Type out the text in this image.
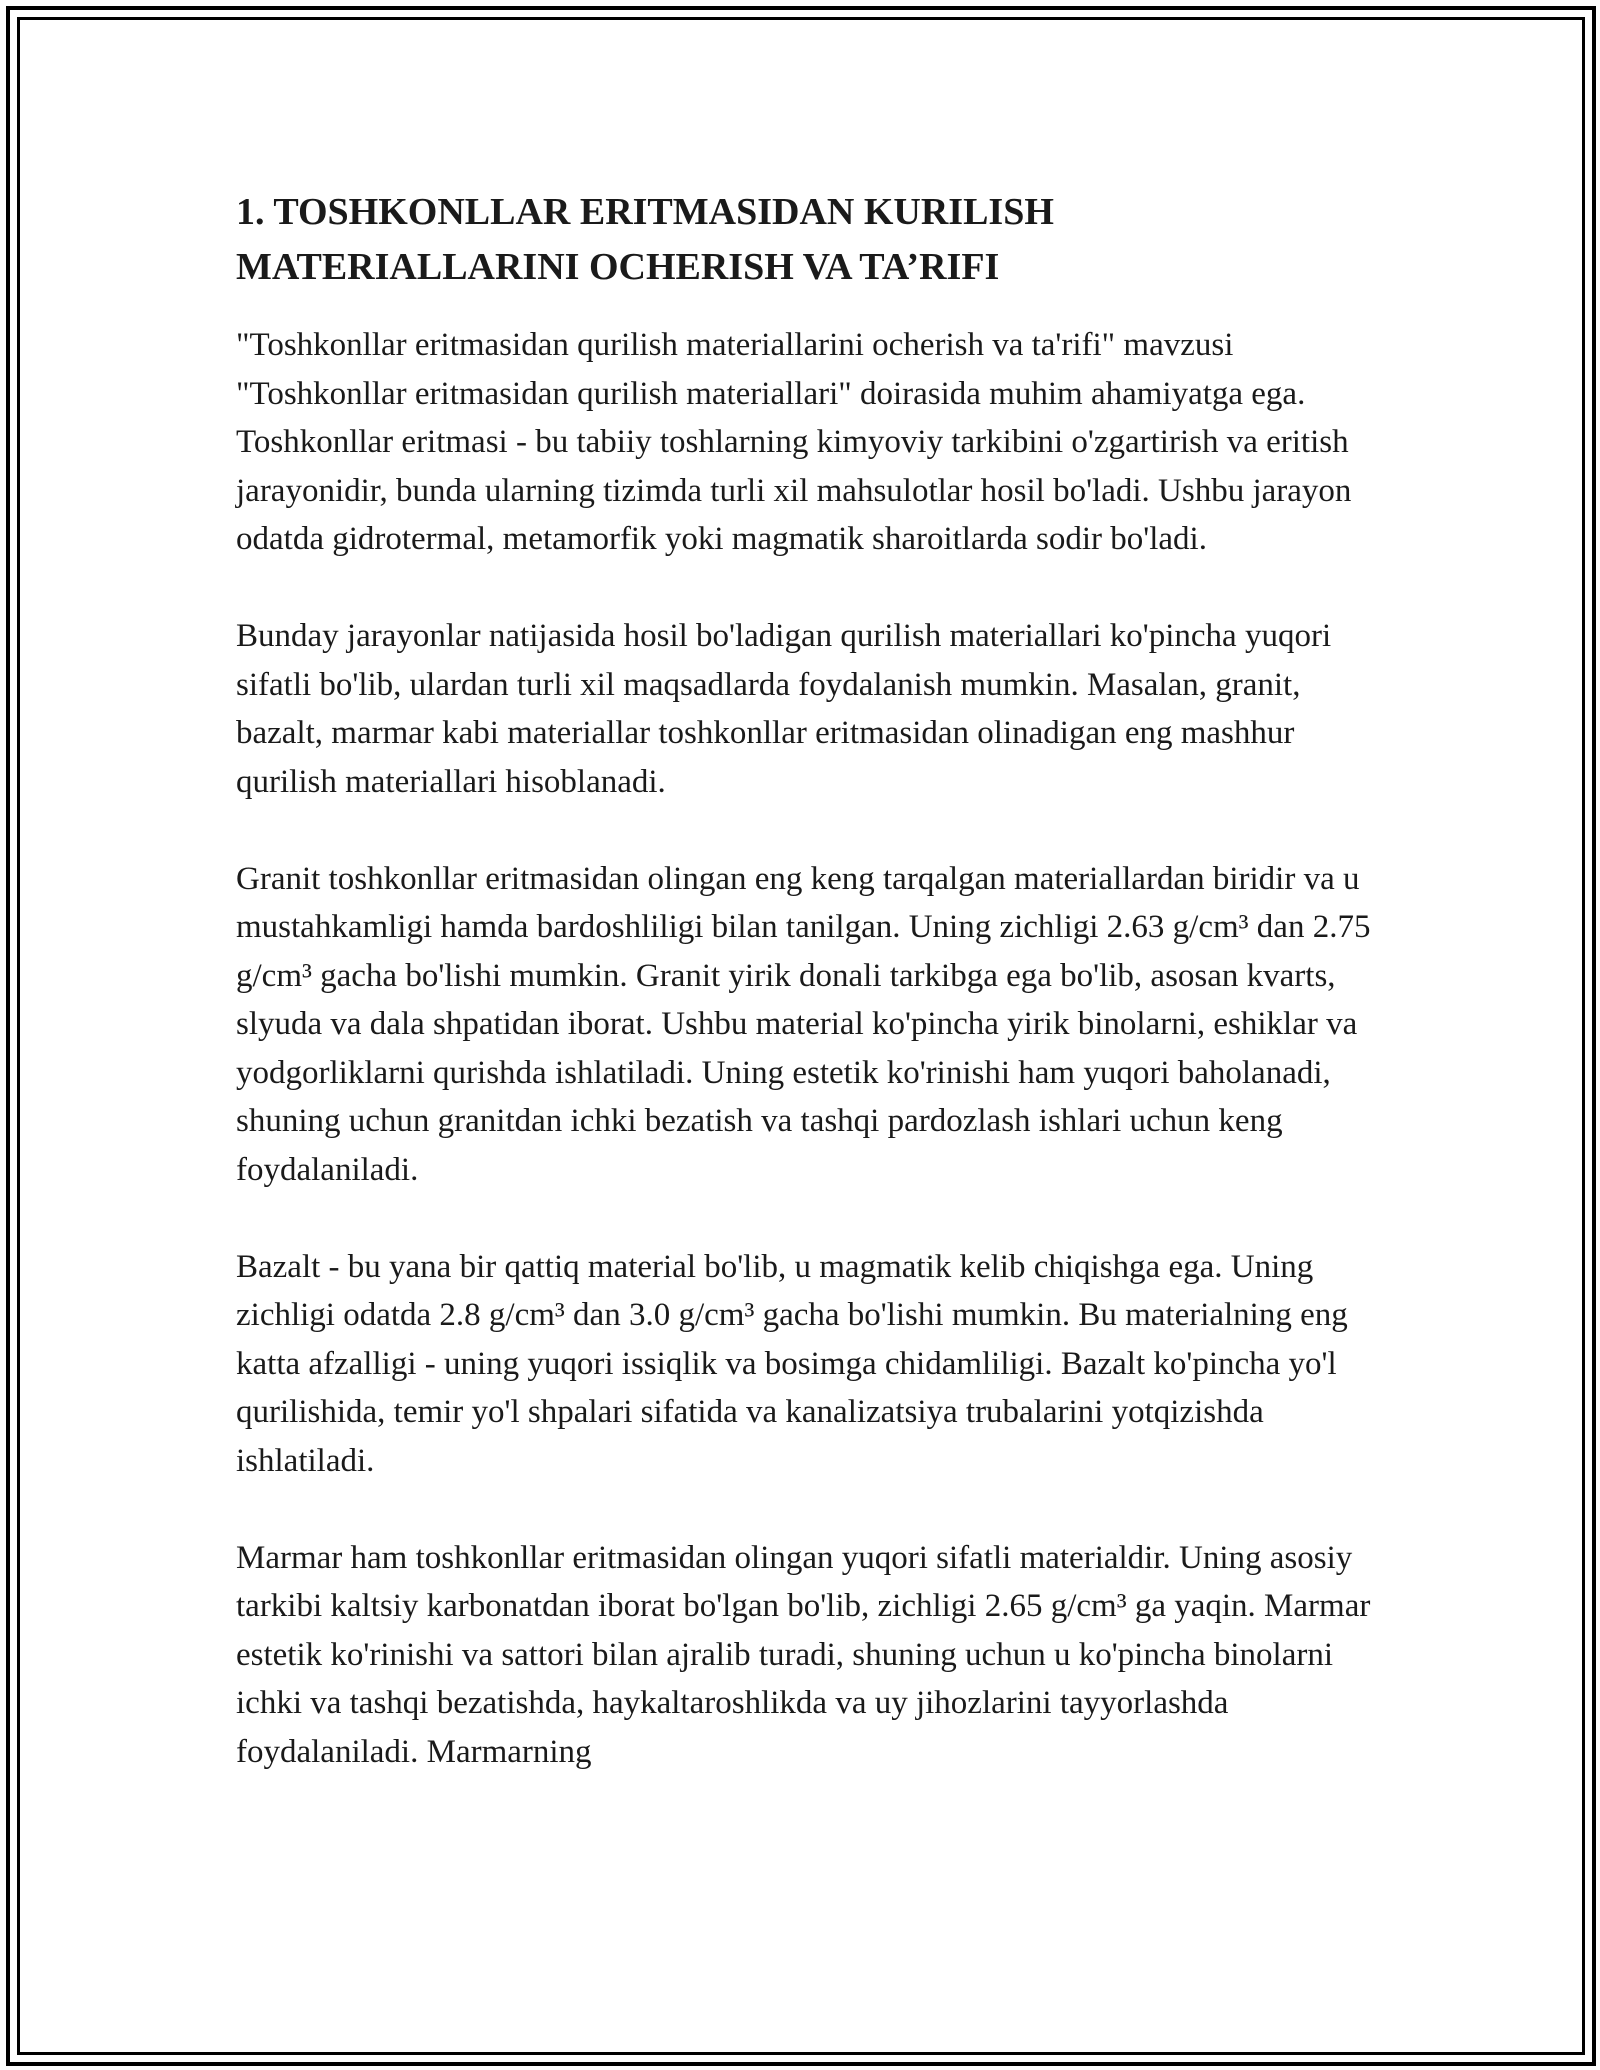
1. TOSHKONLLAR ERITMASIDAN KURILISH
MATERIALLARINI OCHERISH VA TA’RIFI

"Toshkonllar eritmasidan qurilish materiallarini ocherish va ta'rifi" mavzusi "Toshkonllar eritmasidan qurilish materiallari" doirasida muhim ahamiyatga ega. Toshkonllar eritmasi - bu tabiiy toshlarning kimyoviy tarkibini o'zgartirish va eritish jarayonidir, bunda ularning tizimda turli xil mahsulotlar hosil bo'ladi. Ushbu jarayon odatda gidrotermal, metamorfik yoki magmatik sharoitlarda sodir bo'ladi.

Bunday jarayonlar natijasida hosil bo'ladigan qurilish materiallari ko'pincha yuqori sifatli bo'lib, ulardan turli xil maqsadlarda foydalanish mumkin. Masalan, granit, bazalt, marmar kabi materiallar toshkonllar eritmasidan olinadigan eng mashhur qurilish materiallari hisoblanadi.

Granit toshkonllar eritmasidan olingan eng keng tarqalgan materiallardan biridir va u mustahkamligi hamda bardoshliligi bilan tanilgan. Uning zichligi 2.63 g/cm³ dan 2.75 g/cm³ gacha bo'lishi mumkin. Granit yirik donali tarkibga ega bo'lib, asosan kvarts, slyuda va dala shpatidan iborat. Ushbu material ko'pincha yirik binolarni, eshiklar va yodgorliklarni qurishda ishlatiladi. Uning estetik ko'rinishi ham yuqori baholanadi, shuning uchun granitdan ichki bezatish va tashqi pardozlash ishlari uchun keng foydalaniladi.

Bazalt - bu yana bir qattiq material bo'lib, u magmatik kelib chiqishga ega. Uning zichligi odatda 2.8 g/cm³ dan 3.0 g/cm³ gacha bo'lishi mumkin. Bu materialning eng katta afzalligi - uning yuqori issiqlik va bosimga chidamliligi. Bazalt ko'pincha yo'l qurilishida, temir yo'l shpalari sifatida va kanalizatsiya trubalarini yotqizishda ishlatiladi.

Marmar ham toshkonllar eritmasidan olingan yuqori sifatli materialdir. Uning asosiy tarkibi kaltsiy karbonatdan iborat bo'lgan bo'lib, zichligi 2.65 g/cm³ ga yaqin. Marmar estetik ko'rinishi va sattori bilan ajralib turadi, shuning uchun u ko'pincha binolarni ichki va tashqi bezatishda, haykaltaroshlikda va uy jihozlarini tayyorlashda foydalaniladi. Marmarning
